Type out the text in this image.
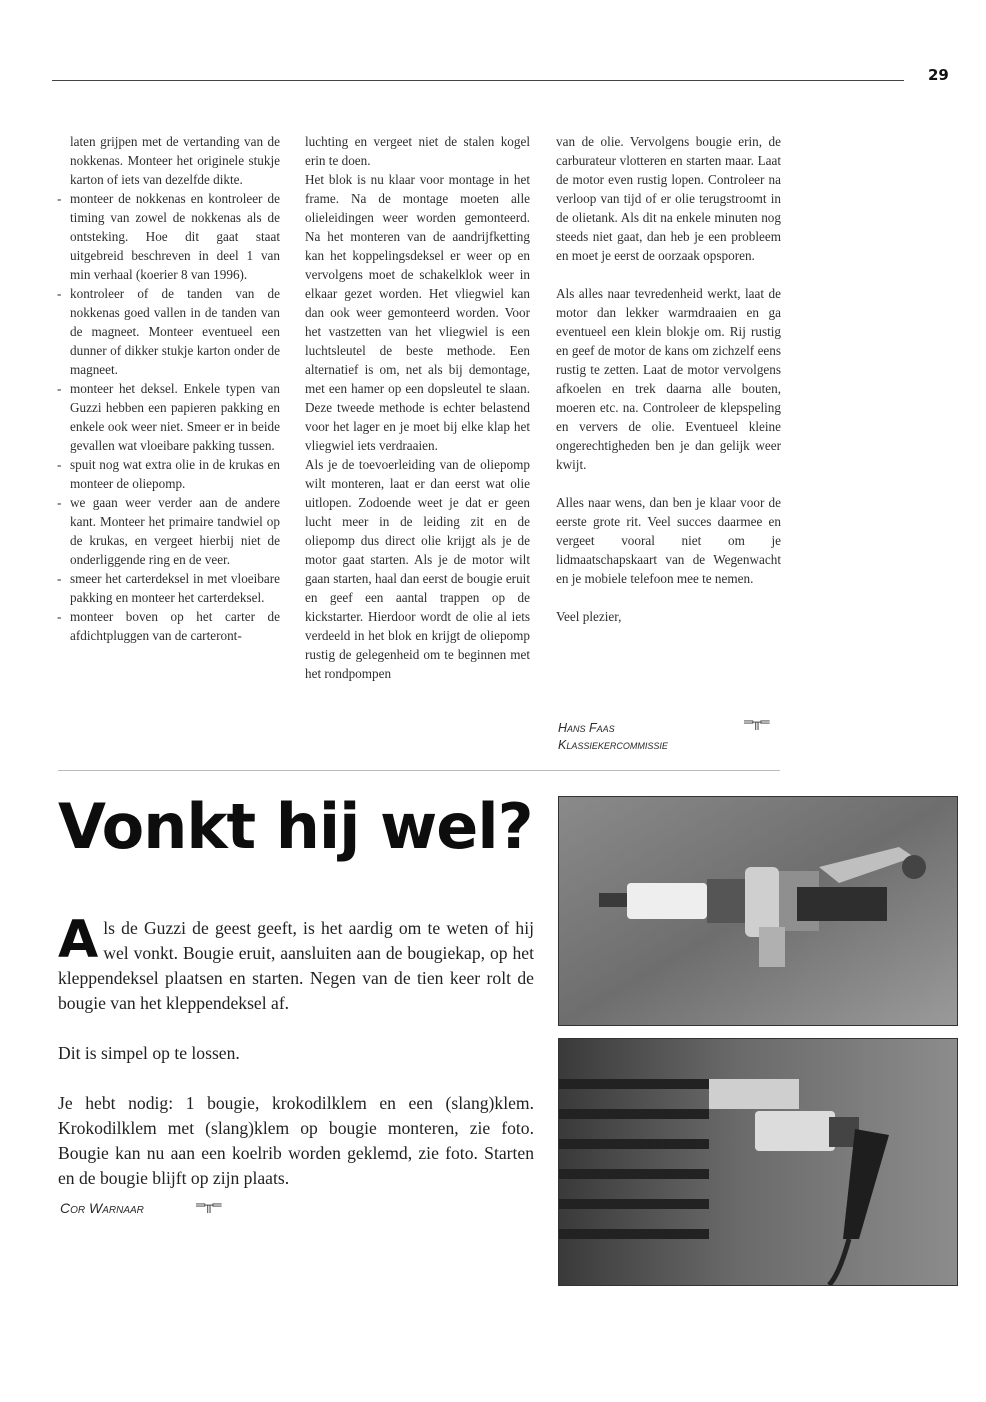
29

laten grijpen met de vertanding van de nokkenas. Monteer het originele stukje karton of iets van dezelfde dikte.

- monteer de nokkenas en kontroleer de timing van zowel de nokkenas als de ontsteking. Hoe dit gaat staat uitgebreid beschreven in deel 1 van min verhaal (koerier 8 van 1996).
- kontroleer of de tanden van de nokkenas goed vallen in de tanden van de magneet. Monteer eventueel een dunner of dikker stukje karton onder de magneet.
- monteer het deksel. Enkele typen van Guzzi hebben een papieren pakking en enkele ook weer niet. Smeer er in beide gevallen wat vloeibare pakking tussen.
- spuit nog wat extra olie in de krukas en monteer de oliepomp.
- we gaan weer verder aan de andere kant. Monteer het primaire tandwiel op de krukas, en vergeet hierbij niet de onderliggende ring en de veer.
- smeer het carterdeksel in met vloeibare pakking en monteer het carterdeksel.
- monteer boven op het carter de afdichtpluggen van de carteront-

luchting en vergeet niet de stalen kogel erin te doen.

Het blok is nu klaar voor montage in het frame. Na de montage moeten alle olieleidingen weer worden gemonteerd. Na het monteren van de aandrijfketting kan het koppelingsdeksel er weer op en vervolgens moet de schakelklok weer in elkaar gezet worden. Het vliegwiel kan dan ook weer gemonteerd worden. Voor het vastzetten van het vliegwiel is een luchtsleutel de beste methode. Een alternatief is om, net als bij demontage, met een hamer op een dopsleutel te slaan. Deze tweede methode is echter belastend voor het lager en je moet bij elke klap het vliegwiel iets verdraaien.

Als je de toevoerleiding van de oliepomp wilt monteren, laat er dan eerst wat olie uitlopen. Zodoende weet je dat er geen lucht meer in de leiding zit en de oliepomp dus direct olie krijgt als je de motor gaat starten. Als je de motor wilt gaan starten, haal dan eerst de bougie eruit en geef een aantal trappen op de kickstarter. Hierdoor wordt de olie al iets verdeeld in het blok en krijgt de oliepomp rustig de gelegenheid om te beginnen met het rondpompen

van de olie. Vervolgens bougie erin, de carburateur vlotteren en starten maar. Laat de motor even rustig lopen. Controleer na verloop van tijd of er olie terugstroomt in de olietank. Als dit na enkele minuten nog steeds niet gaat, dan heb je een probleem en moet je eerst de oorzaak opsporen.

Als alles naar tevredenheid werkt, laat de motor dan lekker warmdraaien en ga eventueel een klein blokje om. Rij rustig en geef de motor de kans om zichzelf eens rustig te zetten. Laat de motor vervolgens afkoelen en trek daarna alle bouten, moeren etc. na. Controleer de klepspeling en ververs de olie. Eventueel kleine ongerechtigheden ben je dan gelijk weer kwijt.

Alles naar wens, dan ben je klaar voor de eerste grote rit. Veel succes daarmee en vergeet vooral niet om je lidmaatschapskaart van de Wegenwacht en je mobiele telefoon mee te nemen.

Veel plezier,

Hans Faas
Klassiekercommissie
═╥═
Vonkt hij wel?

Als de Guzzi de geest geeft, is het aardig om te weten of hij wel vonkt. Bougie eruit, aansluiten aan de bougiekap, op het kleppendeksel plaatsen en starten. Negen van de tien keer rolt de bougie van het kleppendeksel af.

Dit is simpel op te lossen.

Je hebt nodig: 1 bougie, krokodilklem en een (slang)klem. Krokodilklem met (slang)klem op bougie monteren, zie foto. Bougie kan nu aan een koelrib worden geklemd, zie foto. Starten en de bougie blijft op zijn plaats.

Cor Warnaar	═╥═
